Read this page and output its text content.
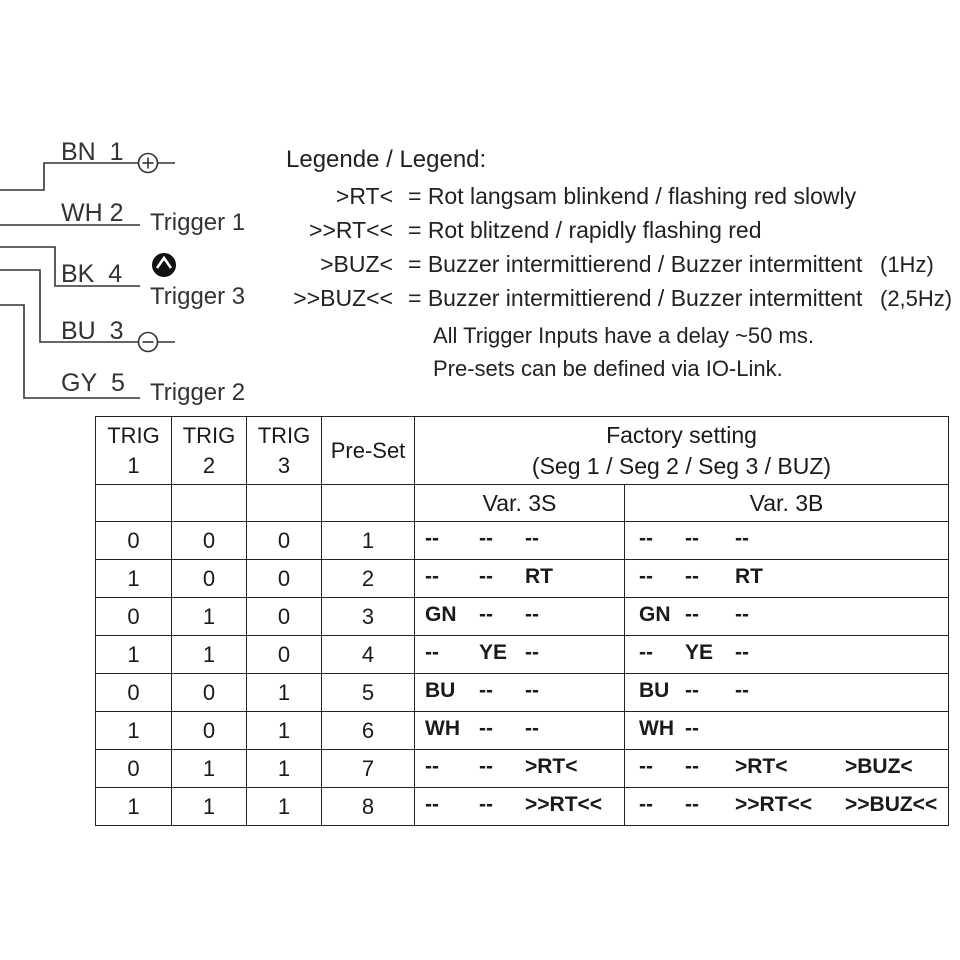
BN 1
WH 2 Trigger 1
BK 4
Trigger 3
BU 3
GY 5 Trigger 2
Legende / Legend:
>RT< = Rot langsam blinkend / flashing red slowly
>>RT<< = Rot blitzend / rapidly flashing red
>BUZ< = Buzzer intermittierend / Buzzer intermittent (1Hz)
>>BUZ<< = Buzzer intermittierend / Buzzer intermittent (2,5Hz)
All Trigger Inputs have a delay ~50 ms.
Pre-sets can be defined via IO-Link.
TRIG
1	TRIG
2	TRIG
3	Pre-Set	Factory setting
(Seg 1 / Seg 2 / Seg 3 / BUZ)	
				Var. 3S	Var. 3B
0	0	0	1	-- -- --	-- -- --

1	0	0	2	-- -- RT	-- -- RT

0	1	0	3	GN -- --	GN -- --

1	1	0	4	-- YE --	-- YE --

0	0	1	5	BU -- --	BU -- --

1	0	1	6	WH -- --	WH --

0	1	1	7	-- -- >RT<	-- -- >RT< >BUZ<

1	1	1	8	-- -- >>RT<<	-- -- >>RT<< >>BUZ<<
